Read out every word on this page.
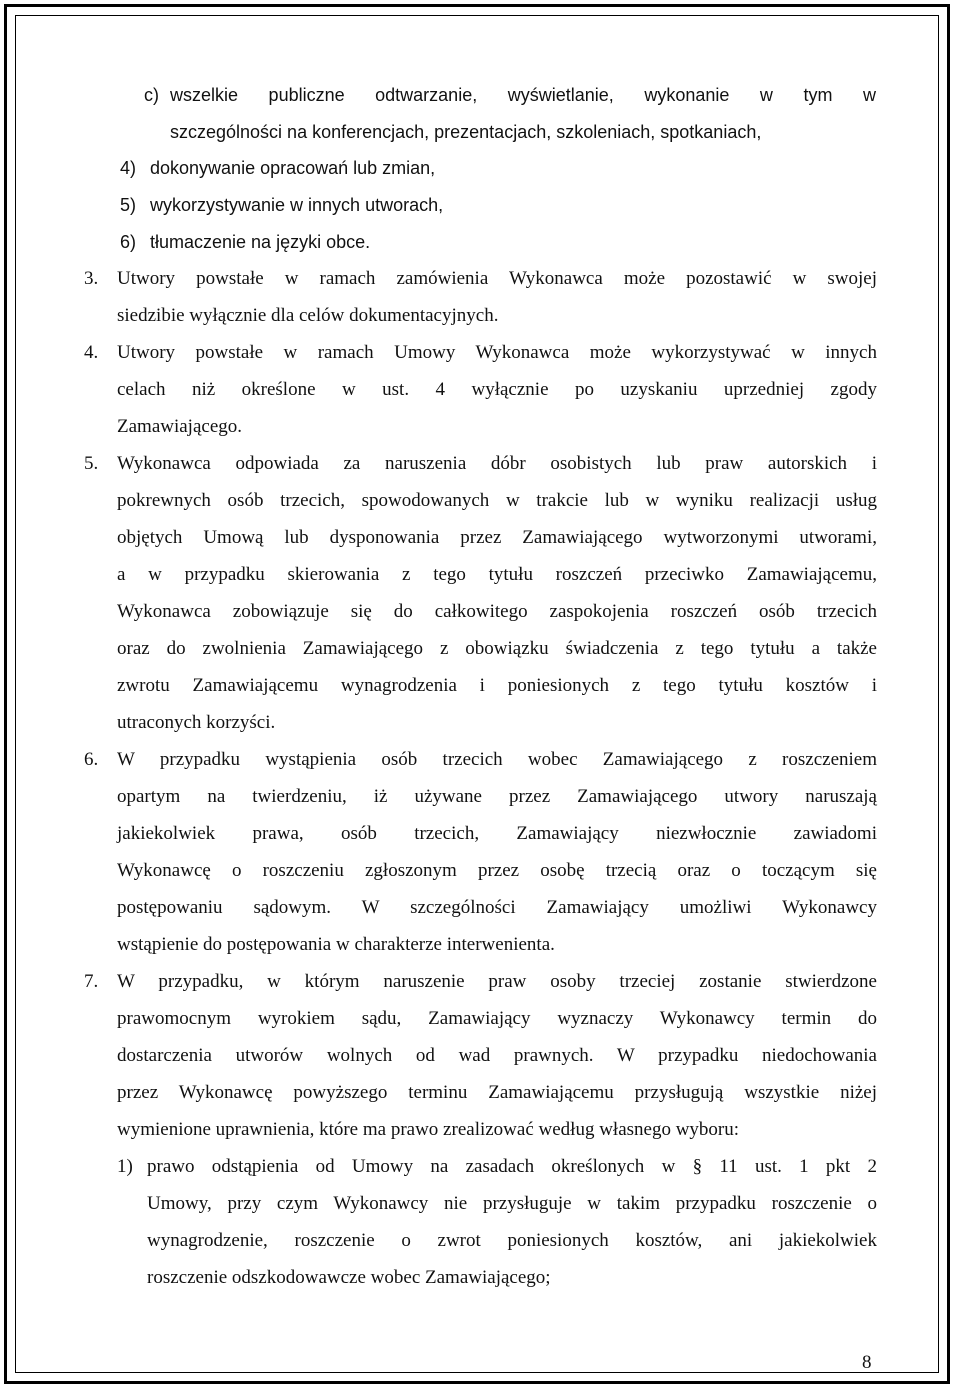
c) wszelkie publiczne odtwarzanie, wyświetlanie, wykonanie w tym w
szczególności na konferencjach, prezentacjach, szkoleniach, spotkaniach,
4) dokonywanie opracowań lub zmian,
5) wykorzystywanie w innych utworach,
6) tłumaczenie na języki obce.
3. Utwory powstałe w ramach zamówienia Wykonawca może pozostawić w swojej
siedzibie wyłącznie dla celów dokumentacyjnych.
4. Utwory powstałe w ramach Umowy Wykonawca może wykorzystywać w innych
celach niż określone w ust. 4 wyłącznie po uzyskaniu uprzedniej zgody
Zamawiającego.
5. Wykonawca odpowiada za naruszenia dóbr osobistych lub praw autorskich i
pokrewnych osób trzecich, spowodowanych w trakcie lub w wyniku realizacji usług
objętych Umową lub dysponowania przez Zamawiającego wytworzonymi utworami,
a w przypadku skierowania z tego tytułu roszczeń przeciwko Zamawiającemu,
Wykonawca zobowiązuje się do całkowitego zaspokojenia roszczeń osób trzecich
oraz do zwolnienia Zamawiającego z obowiązku świadczenia z tego tytułu a także
zwrotu Zamawiającemu wynagrodzenia i poniesionych z tego tytułu kosztów i
utraconych korzyści.
6. W przypadku wystąpienia osób trzecich wobec Zamawiającego z roszczeniem
opartym na twierdzeniu, iż używane przez Zamawiającego utwory naruszają
jakiekolwiek prawa, osób trzecich, Zamawiający niezwłocznie zawiadomi
Wykonawcę o roszczeniu zgłoszonym przez osobę trzecią oraz o toczącym się
postępowaniu sądowym. W szczególności Zamawiający umożliwi Wykonawcy
wstąpienie do postępowania w charakterze interwenienta.
7. W przypadku, w którym naruszenie praw osoby trzeciej zostanie stwierdzone
prawomocnym wyrokiem sądu, Zamawiający wyznaczy Wykonawcy termin do
dostarczenia utworów wolnych od wad prawnych. W przypadku niedochowania
przez Wykonawcę powyższego terminu Zamawiającemu przysługują wszystkie niżej
wymienione uprawnienia, które ma prawo zrealizować według własnego wyboru:
1) prawo odstąpienia od Umowy na zasadach określonych w § 11 ust. 1 pkt 2
Umowy, przy czym Wykonawcy nie przysługuje w takim przypadku roszczenie o
wynagrodzenie, roszczenie o zwrot poniesionych kosztów, ani jakiekolwiek
roszczenie odszkodowawcze wobec Zamawiającego;
8
